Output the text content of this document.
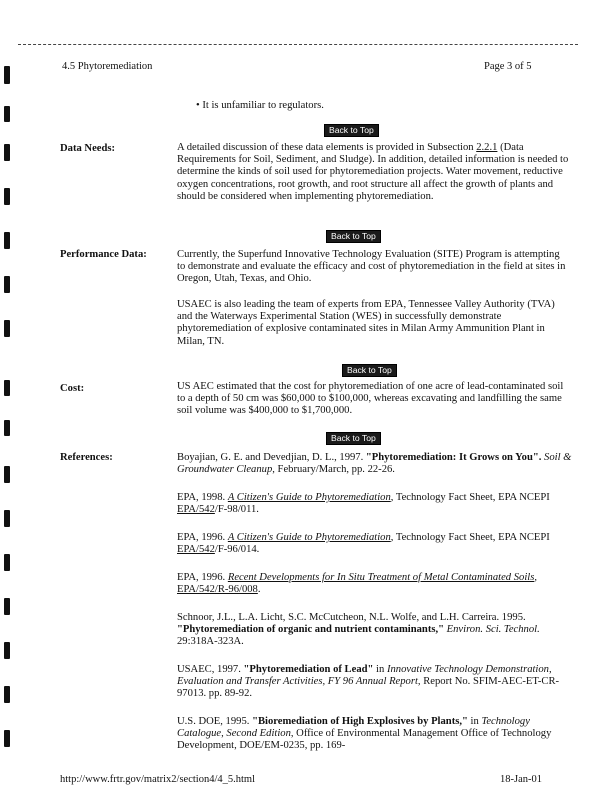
4.5 Phytoremediation	Page 3 of 5
• It is unfamiliar to regulators.
Back to Top
Data Needs:	A detailed discussion of these data elements is provided in Subsection 2.2.1 (Data Requirements for Soil, Sediment, and Sludge). In addition, detailed information is needed to determine the kinds of soil used for phytoremediation projects. Water movement, reductive oxygen concentrations, root growth, and root structure all affect the growth of plants and should be considered when implementing phytoremediation.
Back to Top
Performance Data:	Currently, the Superfund Innovative Technology Evaluation (SITE) Program is attempting to demonstrate and evaluate the efficacy and cost of phytoremediation in the field at sites in Oregon, Utah, Texas, and Ohio.
USAEC is also leading the team of experts from EPA, Tennessee Valley Authority (TVA) and the Waterways Experimental Station (WES) in successfully demonstrate phytoremediation of explosive contaminated sites in Milan Army Ammunition Plant in Milan, TN.
Back to Top
Cost:	US AEC estimated that the cost for phytoremediation of one acre of lead-contaminated soil to a depth of 50 cm was $60,000 to $100,000, whereas excavating and landfilling the same soil volume was $400,000 to $1,700,000.
Back to Top
References:	Boyajian, G. E. and Devedjian, D. L., 1997. "Phytoremediation: It Grows on You". Soil & Groundwater Cleanup, February/March, pp. 22-26.
EPA, 1998. A Citizen's Guide to Phytoremediation, Technology Fact Sheet, EPA NCEPI EPA/542/F-98/011.
EPA, 1996. A Citizen's Guide to Phytoremediation, Technology Fact Sheet, EPA NCEPI EPA/542/F-96/014.
EPA, 1996. Recent Developments for In Situ Treatment of Metal Contaminated Soils, EPA/542/R-96/008.
Schnoor, J.L., L.A. Licht, S.C. McCutcheon, N.L. Wolfe, and L.H. Carreira. 1995. "Phytoremediation of organic and nutrient contaminants," Environ. Sci. Technol. 29:318A-323A.
USAEC, 1997. "Phytoremediation of Lead" in Innovative Technology Demonstration, Evaluation and Transfer Activities, FY 96 Annual Report, Report No. SFIM-AEC-ET-CR-97013. pp. 89-92.
U.S. DOE, 1995. "Bioremediation of High Explosives by Plants," in Technology Catalogue, Second Edition, Office of Environmental Management Office of Technology Development, DOE/EM-0235, pp. 169-
http://www.frtr.gov/matrix2/section4/4_5.html	18-Jan-01
